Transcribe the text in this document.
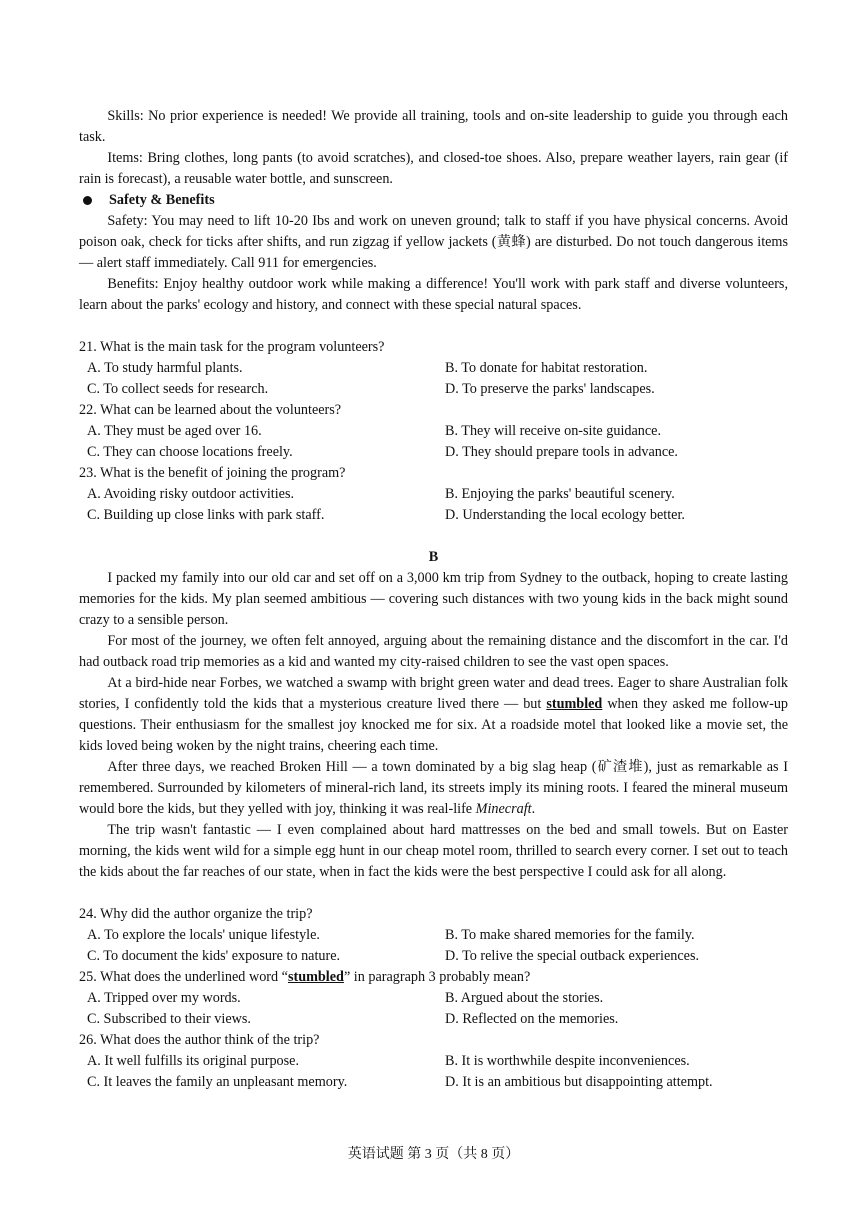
Skills: No prior experience is needed! We provide all training, tools and on-site leadership to guide you through each task.

Items: Bring clothes, long pants (to avoid scratches), and closed-toe shoes. Also, prepare weather layers, rain gear (if rain is forecast), a reusable water bottle, and sunscreen.

Safety & Benefits

Safety: You may need to lift 10-20 Ibs and work on uneven ground; talk to staff if you have physical concerns. Avoid poison oak, check for ticks after shifts, and run zigzag if yellow jackets (黄蜂) are disturbed. Do not touch dangerous items — alert staff immediately. Call 911 for emergencies.

Benefits: Enjoy healthy outdoor work while making a difference! You'll work with park staff and diverse volunteers, learn about the parks' ecology and history, and connect with these special natural spaces.

21. What is the main task for the program volunteers?
A. To study harmful plants.	B. To donate for habitat restoration.
C. To collect seeds for research.	D. To preserve the parks' landscapes.
22. What can be learned about the volunteers?
A. They must be aged over 16.	B. They will receive on-site guidance.
C. They can choose locations freely.	D. They should prepare tools in advance.
23. What is the benefit of joining the program?
A. Avoiding risky outdoor activities.	B. Enjoying the parks' beautiful scenery.
C. Building up close links with park staff.	D. Understanding the local ecology better.
B

I packed my family into our old car and set off on a 3,000 km trip from Sydney to the outback, hoping to create lasting memories for the kids. My plan seemed ambitious — covering such distances with two young kids in the back might sound crazy to a sensible person.

For most of the journey, we often felt annoyed, arguing about the remaining distance and the discomfort in the car. I'd had outback road trip memories as a kid and wanted my city-raised children to see the vast open spaces.

At a bird-hide near Forbes, we watched a swamp with bright green water and dead trees. Eager to share Australian folk stories, I confidently told the kids that a mysterious creature lived there — but stumbled when they asked me follow-up questions. Their enthusiasm for the smallest joy knocked me for six. At a roadside motel that looked like a movie set, the kids loved being woken by the night trains, cheering each time.

After three days, we reached Broken Hill — a town dominated by a big slag heap (矿渣堆), just as remarkable as I remembered. Surrounded by kilometers of mineral-rich land, its streets imply its mining roots. I feared the mineral museum would bore the kids, but they yelled with joy, thinking it was real-life Minecraft.

The trip wasn't fantastic — I even complained about hard mattresses on the bed and small towels. But on Easter morning, the kids went wild for a simple egg hunt in our cheap motel room, thrilled to search every corner. I set out to teach the kids about the far reaches of our state, when in fact the kids were the best perspective I could ask for all along.

24. Why did the author organize the trip?
A. To explore the locals' unique lifestyle.	B. To make shared memories for the family.
C. To document the kids' exposure to nature.	D. To relive the special outback experiences.
25. What does the underlined word “stumbled” in paragraph 3 probably mean?
A. Tripped over my words.	B. Argued about the stories.
C. Subscribed to their views.	D. Reflected on the memories.
26. What does the author think of the trip?
A. It well fulfills its original purpose.	B. It is worthwhile despite inconveniences.
C. It leaves the family an unpleasant memory.	D. It is an ambitious but disappointing attempt.
英语试题 第 3 页（共 8 页）
